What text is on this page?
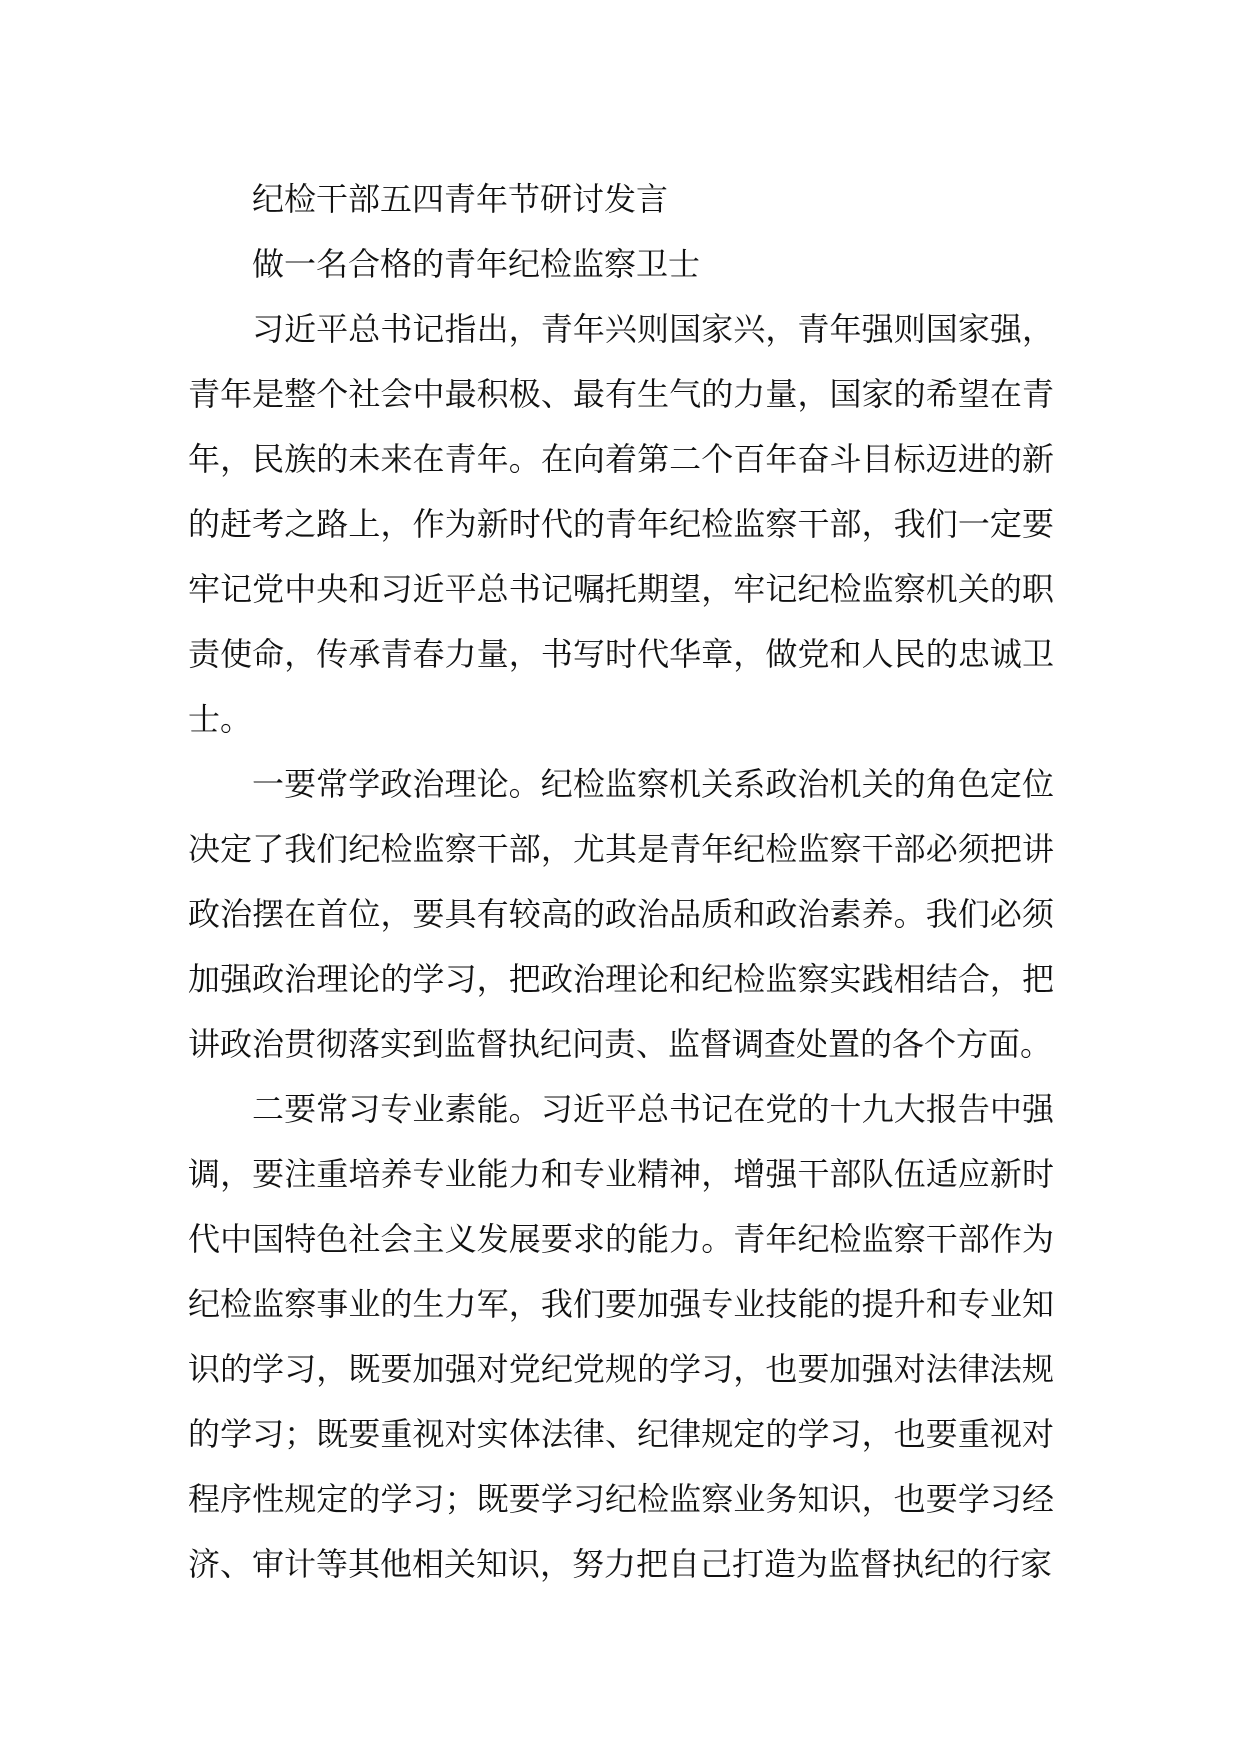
纪检干部五四青年节研讨发言
做一名合格的青年纪检监察卫士

习近平总书记指出，青年兴则国家兴，青年强则国家强，青年是整个社会中最积极、最有生气的力量，国家的希望在青年，民族的未来在青年。在向着第二个百年奋斗目标迈进的新的赶考之路上，作为新时代的青年纪检监察干部，我们一定要牢记党中央和习近平总书记嘱托期望，牢记纪检监察机关的职责使命，传承青春力量，书写时代华章，做党和人民的忠诚卫士。

一要常学政治理论。纪检监察机关系政治机关的角色定位决定了我们纪检监察干部，尤其是青年纪检监察干部必须把讲政治摆在首位，要具有较高的政治品质和政治素养。我们必须加强政治理论的学习，把政治理论和纪检监察实践相结合，把讲政治贯彻落实到监督执纪问责、监督调查处置的各个方面。

二要常习专业素能。习近平总书记在党的十九大报告中强调，要注重培养专业能力和专业精神，增强干部队伍适应新时代中国特色社会主义发展要求的能力。青年纪检监察干部作为纪检监察事业的生力军，我们要加强专业技能的提升和专业知识的学习，既要加强对党纪党规的学习，也要加强对法律法规的学习；既要重视对实体法律、纪律规定的学习，也要重视对程序性规定的学习；既要学习纪检监察业务知识，也要学习经济、审计等其他相关知识，努力把自己打造为监督执纪的行家
